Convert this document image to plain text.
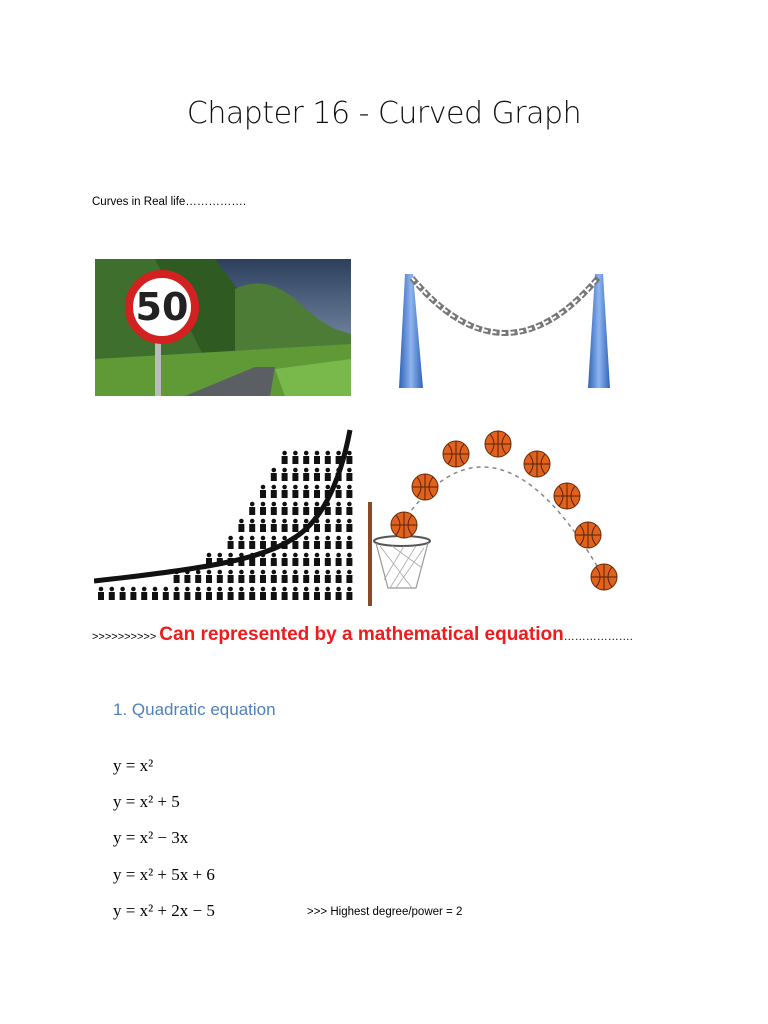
Chapter 16 - Curved Graph
Curves in Real life…………….
50
>>>>>>>>>> Can represented by a mathematical equation……………….
1. Quadratic equation
y = x²
y = x² + 5
y = x² − 3x
y = x² + 5x + 6
y = x² + 2x − 5	>>> Highest degree/power = 2
